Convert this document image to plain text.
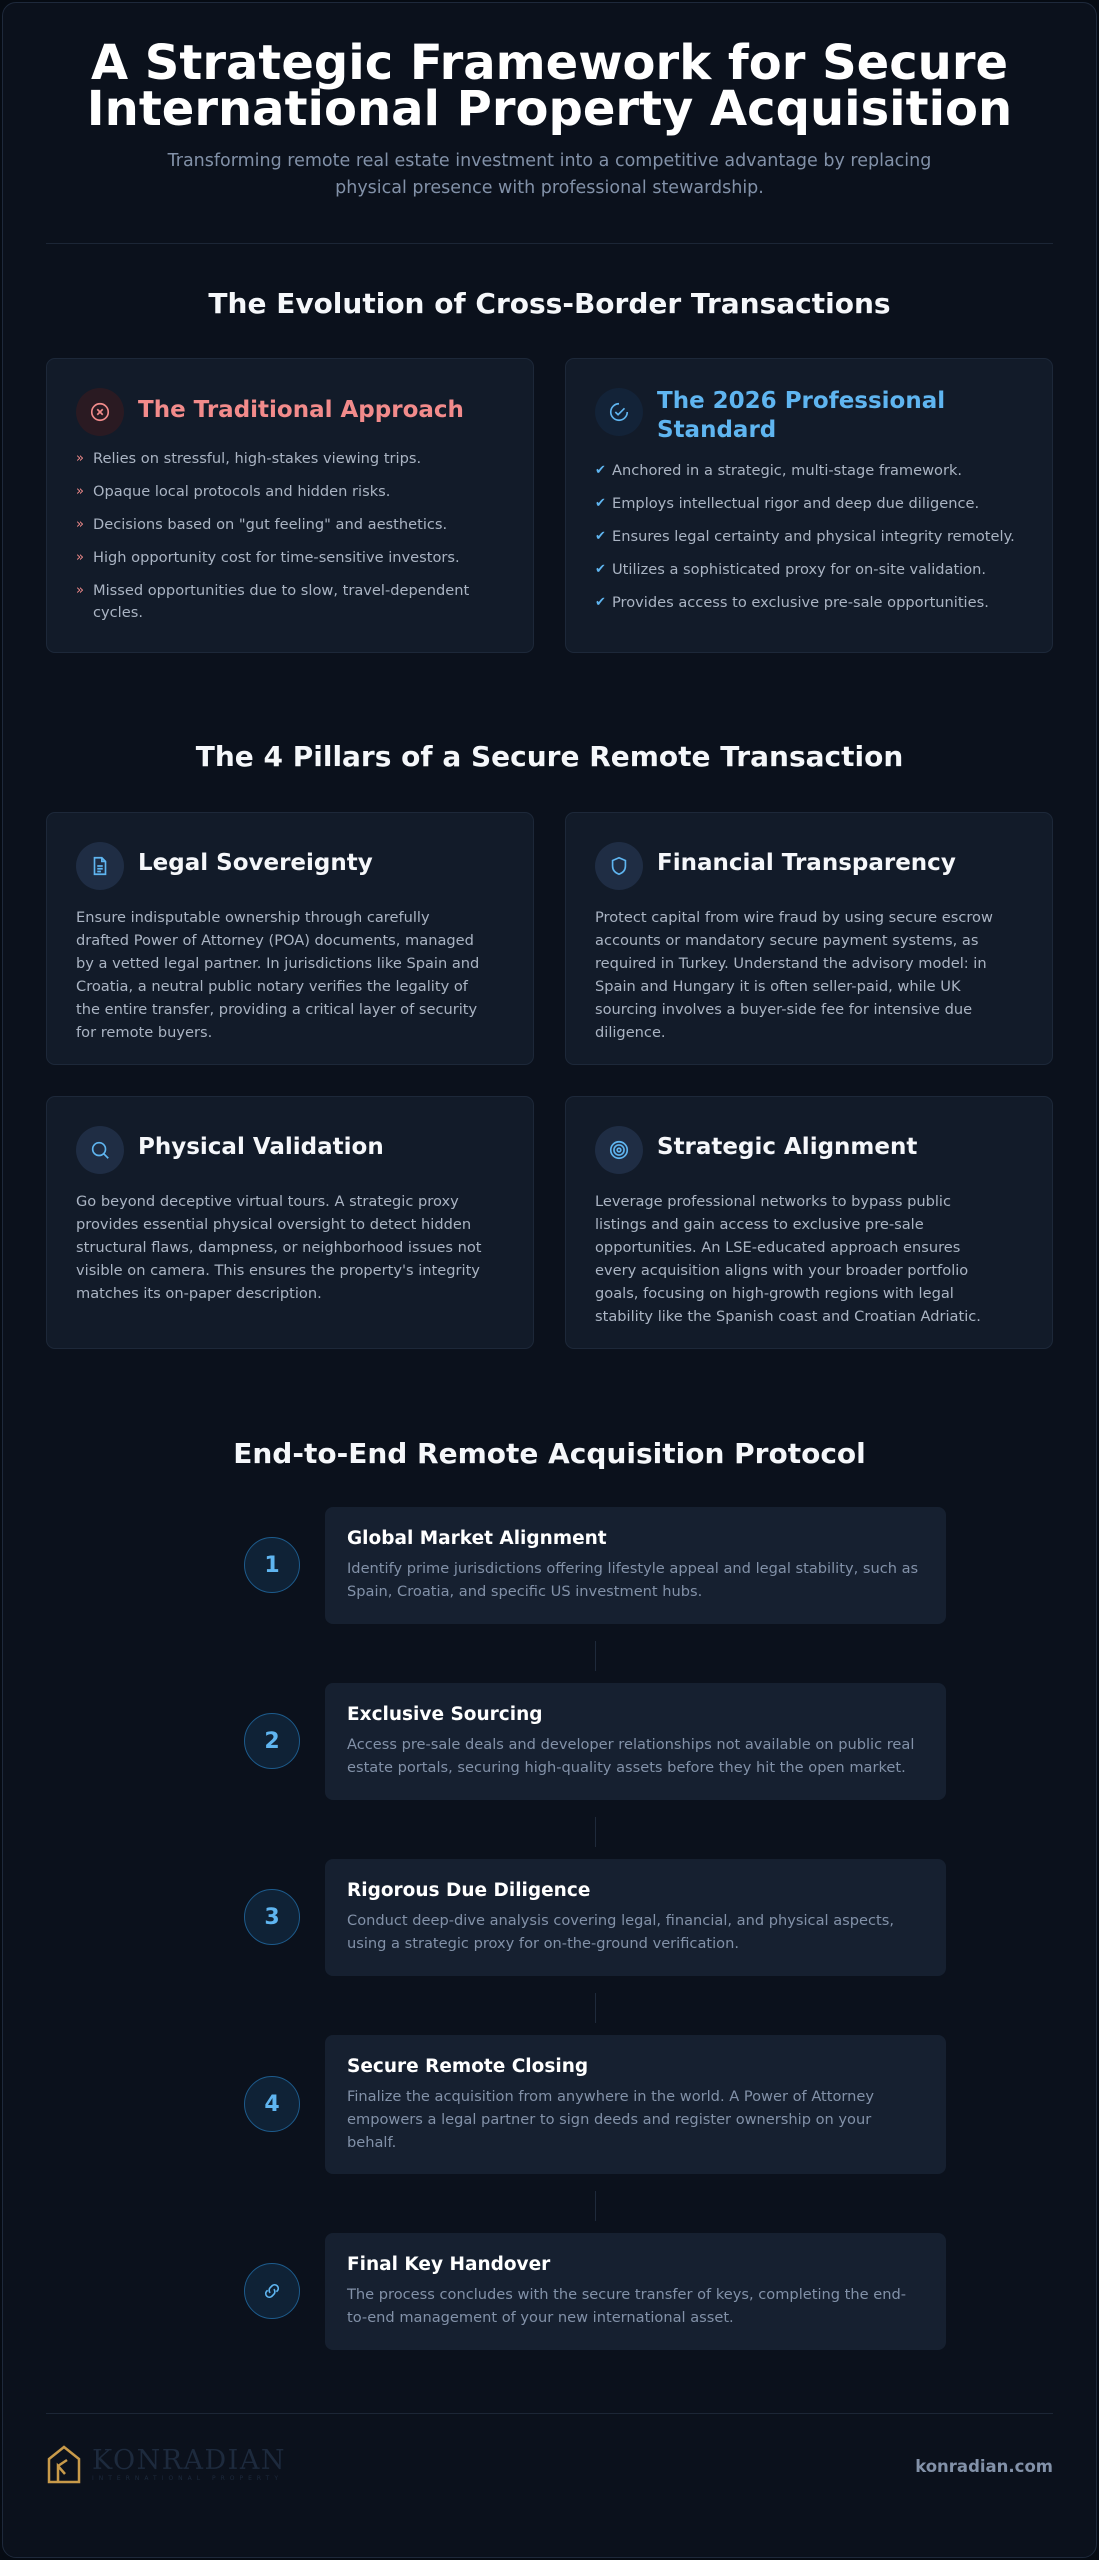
A Strategic Framework for Secure
International Property Acquisition

Transforming remote real estate investment into a competitive advantage by replacing physical presence with professional stewardship.

The Evolution of Cross-Border Transactions
The Traditional Approach
» Relies on stressful, high-stakes viewing trips.
» Opaque local protocols and hidden risks.
» Decisions based on "gut feeling" and aesthetics.
» High opportunity cost for time-sensitive investors.
» Missed opportunities due to slow, travel-dependent cycles.
The 2026 Professional Standard
✔ Anchored in a strategic, multi-stage framework.
✔ Employs intellectual rigor and deep due diligence.
✔ Ensures legal certainty and physical integrity remotely.
✔ Utilizes a sophisticated proxy for on-site validation.
✔ Provides access to exclusive pre-sale opportunities.
The 4 Pillars of a Secure Remote Transaction
Legal Sovereignty

Ensure indisputable ownership through carefully drafted Power of Attorney (POA) documents, managed by a vetted legal partner. In jurisdictions like Spain and Croatia, a neutral public notary verifies the legality of the entire transfer, providing a critical layer of security for remote buyers.

Financial Transparency

Protect capital from wire fraud by using secure escrow accounts or mandatory secure payment systems, as required in Turkey. Understand the advisory model: in Spain and Hungary it is often seller-paid, while UK sourcing involves a buyer-side fee for intensive due diligence.

Physical Validation

Go beyond deceptive virtual tours. A strategic proxy provides essential physical oversight to detect hidden structural flaws, dampness, or neighborhood issues not visible on camera. This ensures the property's integrity matches its on-paper description.

Strategic Alignment

Leverage professional networks to bypass public listings and gain access to exclusive pre-sale opportunities. An LSE-educated approach ensures every acquisition aligns with your broader portfolio goals, focusing on high-growth regions with legal stability like the Spanish coast and Croatian Adriatic.

End-to-End Remote Acquisition Protocol
1
Global Market Alignment
Identify prime jurisdictions offering lifestyle appeal and legal stability, such as Spain, Croatia, and specific US investment hubs.
2
Exclusive Sourcing
Access pre-sale deals and developer relationships not available on public real estate portals, securing high-quality assets before they hit the open market.
3
Rigorous Due Diligence
Conduct deep-dive analysis covering legal, financial, and physical aspects, using a strategic proxy for on-the-ground verification.
4
Secure Remote Closing
Finalize the acquisition from anywhere in the world. A Power of Attorney empowers a legal partner to sign deeds and register ownership on your behalf.
Final Key Handover
The process concludes with the secure transfer of keys, completing the end-to-end management of your new international asset.
KONRADIAN
INTERNATIONAL PROPERTY
konradian.com
